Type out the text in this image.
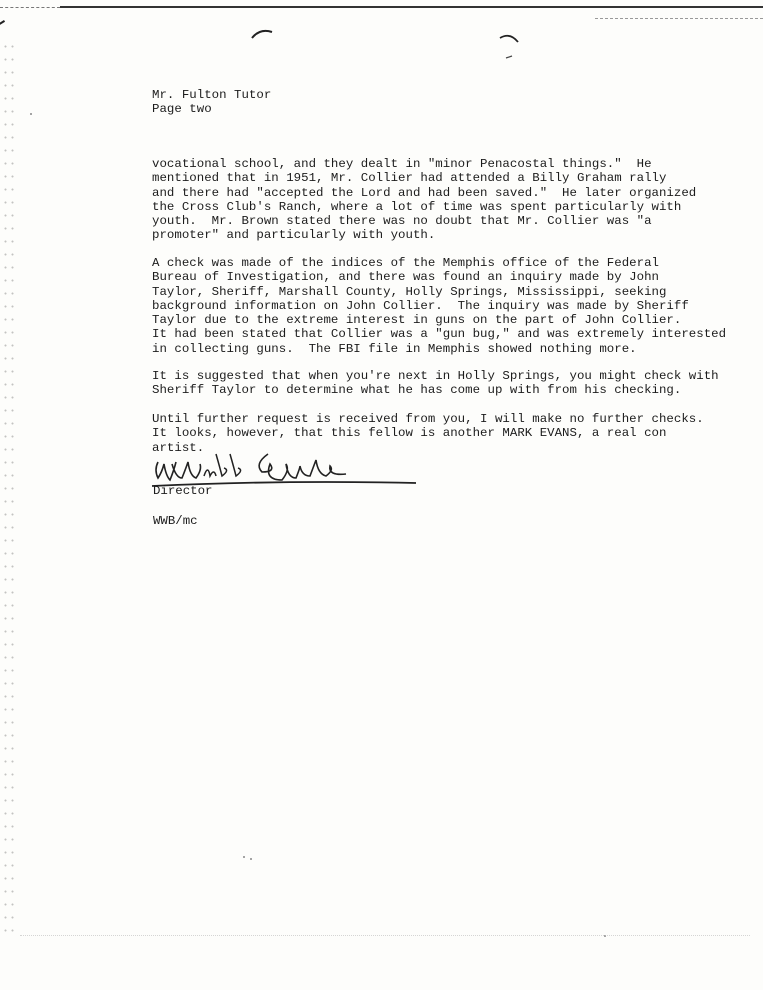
Mr. Fulton Tutor
Page two
vocational school, and they dealt in "minor Penacostal things."  He
mentioned that in 1951, Mr. Collier had attended a Billy Graham rally
and there had "accepted the Lord and had been saved."  He later organized
the Cross Club's Ranch, where a lot of time was spent particularly with
youth.  Mr. Brown stated there was no doubt that Mr. Collier was "a
promoter" and particularly with youth.
A check was made of the indices of the Memphis office of the Federal
Bureau of Investigation, and there was found an inquiry made by John
Taylor, Sheriff, Marshall County, Holly Springs, Mississippi, seeking
background information on John Collier.  The inquiry was made by Sheriff
Taylor due to the extreme interest in guns on the part of John Collier.
It had been stated that Collier was a "gun bug," and was extremely interested
in collecting guns.  The FBI file in Memphis showed nothing more.

It is suggested that when you're next in Holly Springs, you might check with
Sheriff Taylor to determine what he has come up with from his checking.
Until further request is received from you, I will make no further checks.
It looks, however, that this fellow is another MARK EVANS, a real con
artist.
Director
WWB/mc
